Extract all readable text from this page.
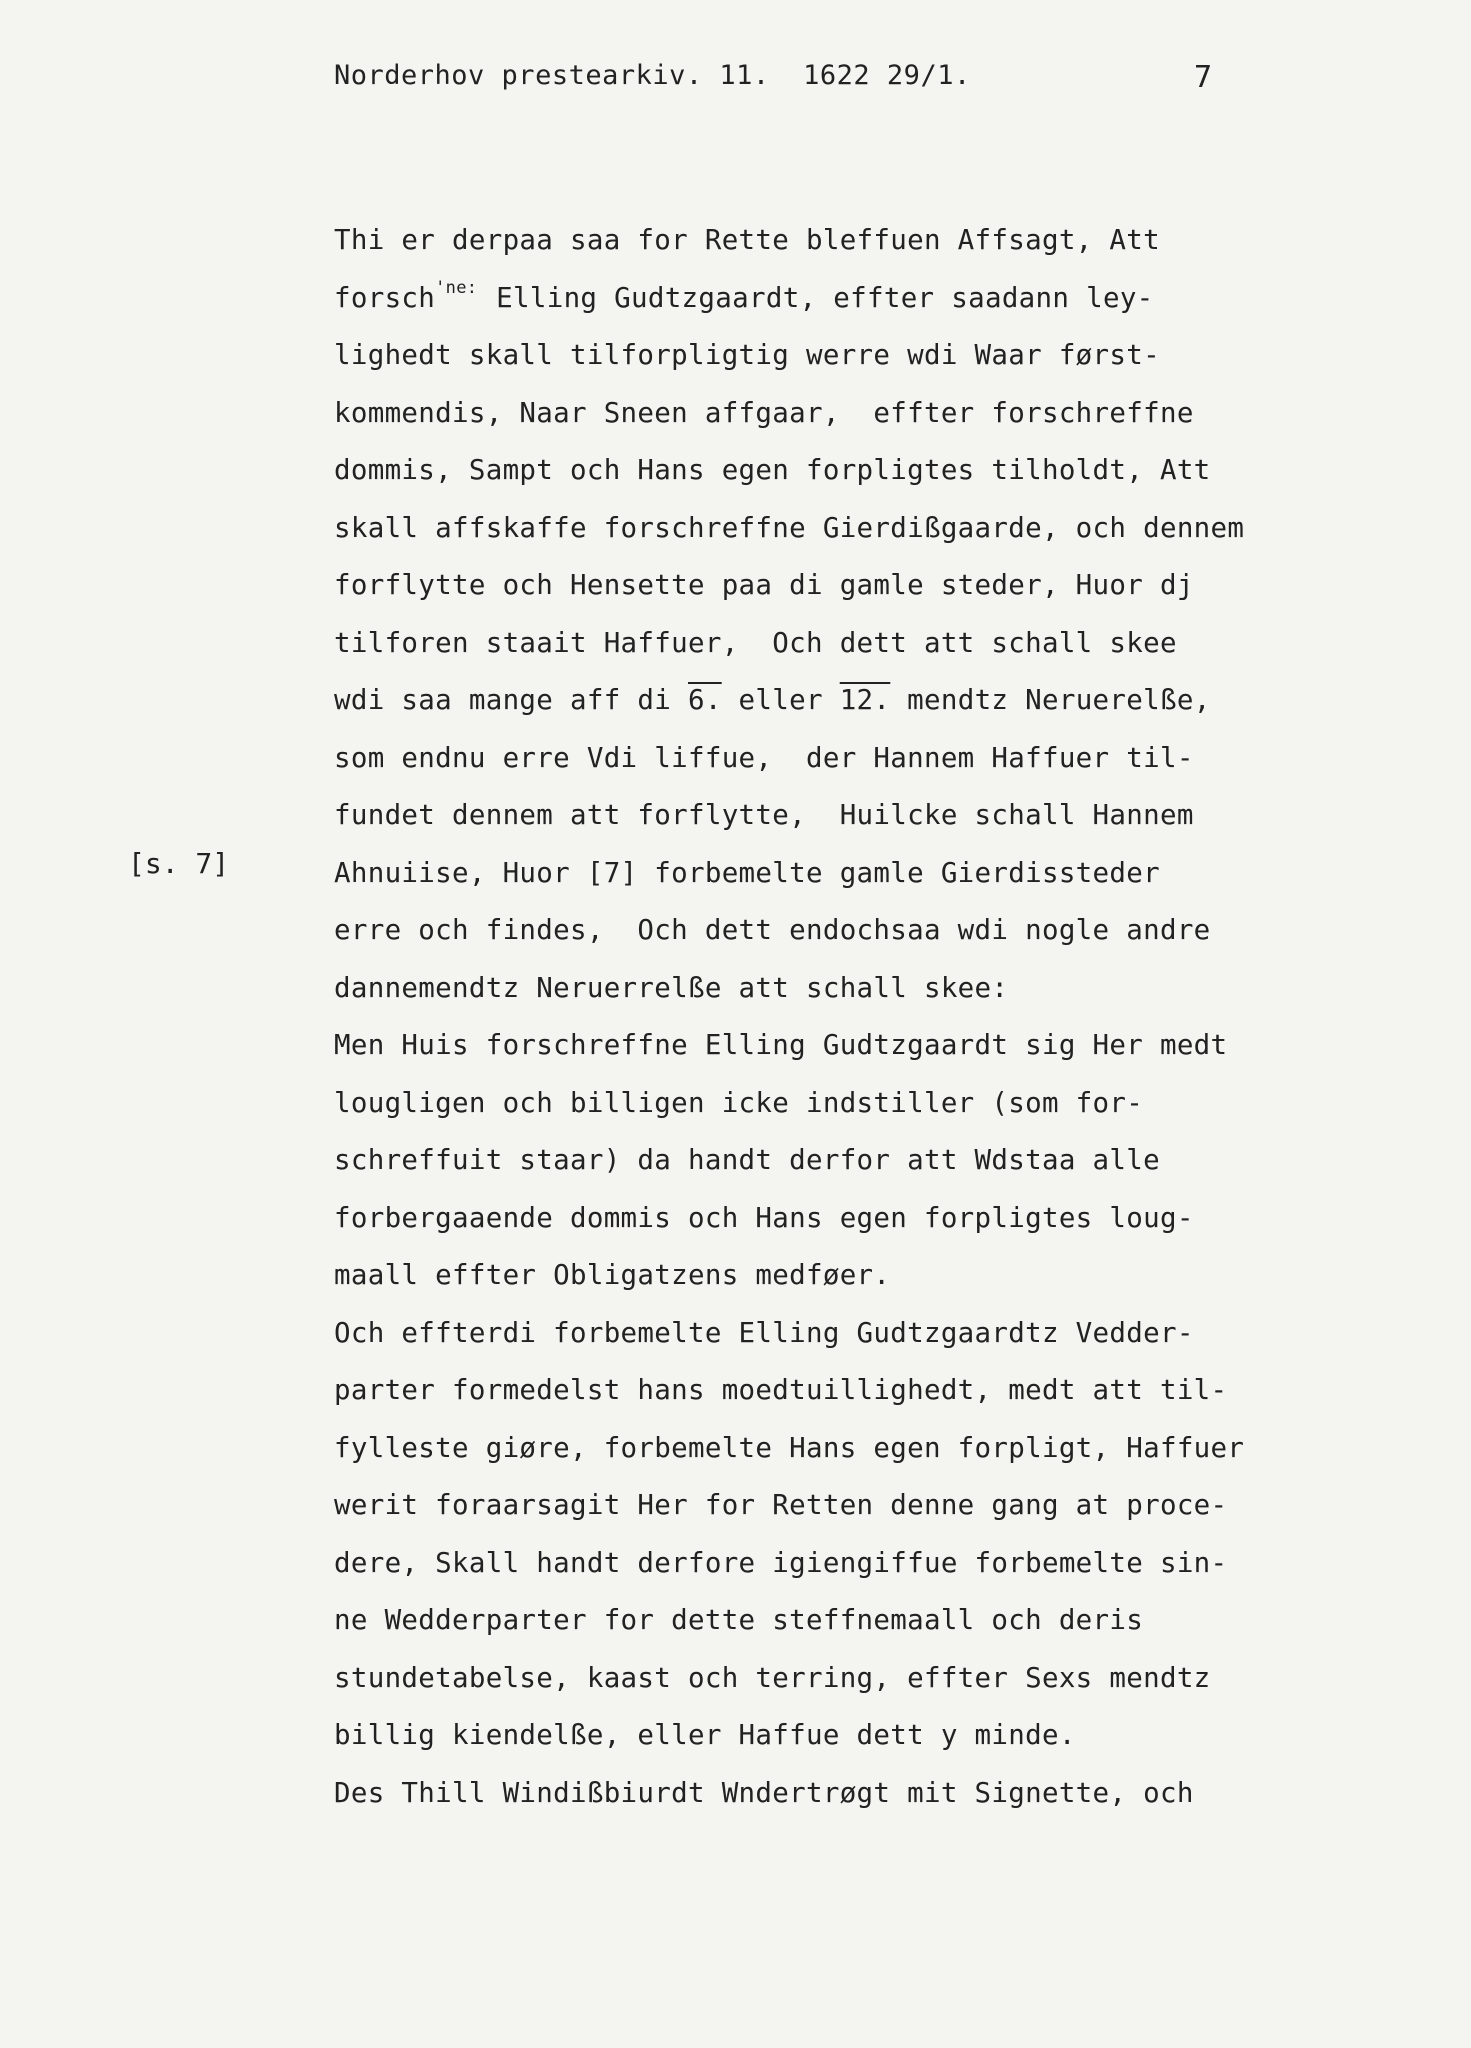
Norderhov prestearkiv. 11.  1622 29/1.	7
[s. 7]
Thi er derpaa saa for Rette bleffuen Affsagt, Att
forsch$^{'ne:}$ Elling Gudtzgaardt, effter saadann ley-
lighedt skall tilforpligtig werre wdi Waar først-
kommendis, Naar Sneen affgaar,  effter forschreffne
dommis, Sampt och Hans egen forpligtes tilholdt, Att
skall affskaffe forschreffne Gierdißgaarde, och dennem
forflytte och Hensette paa di gamle steder, Huor dj
tilforen staait Haffuer,  Och dett att schall skee
wdi saa mange aff di 6. eller 12. mendtz Neruerelße,
som endnu erre Vdi liffue,  der Hannem Haffuer til-
fundet dennem att forflytte,  Huilcke schall Hannem
Ahnuiise, Huor [7] forbemelte gamle Gierdissteder
erre och findes,  Och dett endochsaa wdi nogle andre
dannemendtz Neruerrelße att schall skee:
Men Huis forschreffne Elling Gudtzgaardt sig Her medt
lougligen och billigen icke indstiller (som for-
schreffuit staar) da handt derfor att Wdstaa alle
forbergaaende dommis och Hans egen forpligtes loug-
maall effter Obligatzens medføer.
Och effterdi forbemelte Elling Gudtzgaardtz Vedder-
parter formedelst hans moedtuillighedt, medt att til-
fylleste giøre, forbemelte Hans egen forpligt, Haffuer
werit foraarsagit Her for Retten denne gang at proce-
dere, Skall handt derfore igiengiffue forbemelte sin-
ne Wedderparter for dette steffnemaall och deris
stundetabelse, kaast och terring, effter Sexs mendtz
billig kiendelße, eller Haffue dett y minde.
Des Thill Windißbiurdt Wndertrøgt mit Signette, och
